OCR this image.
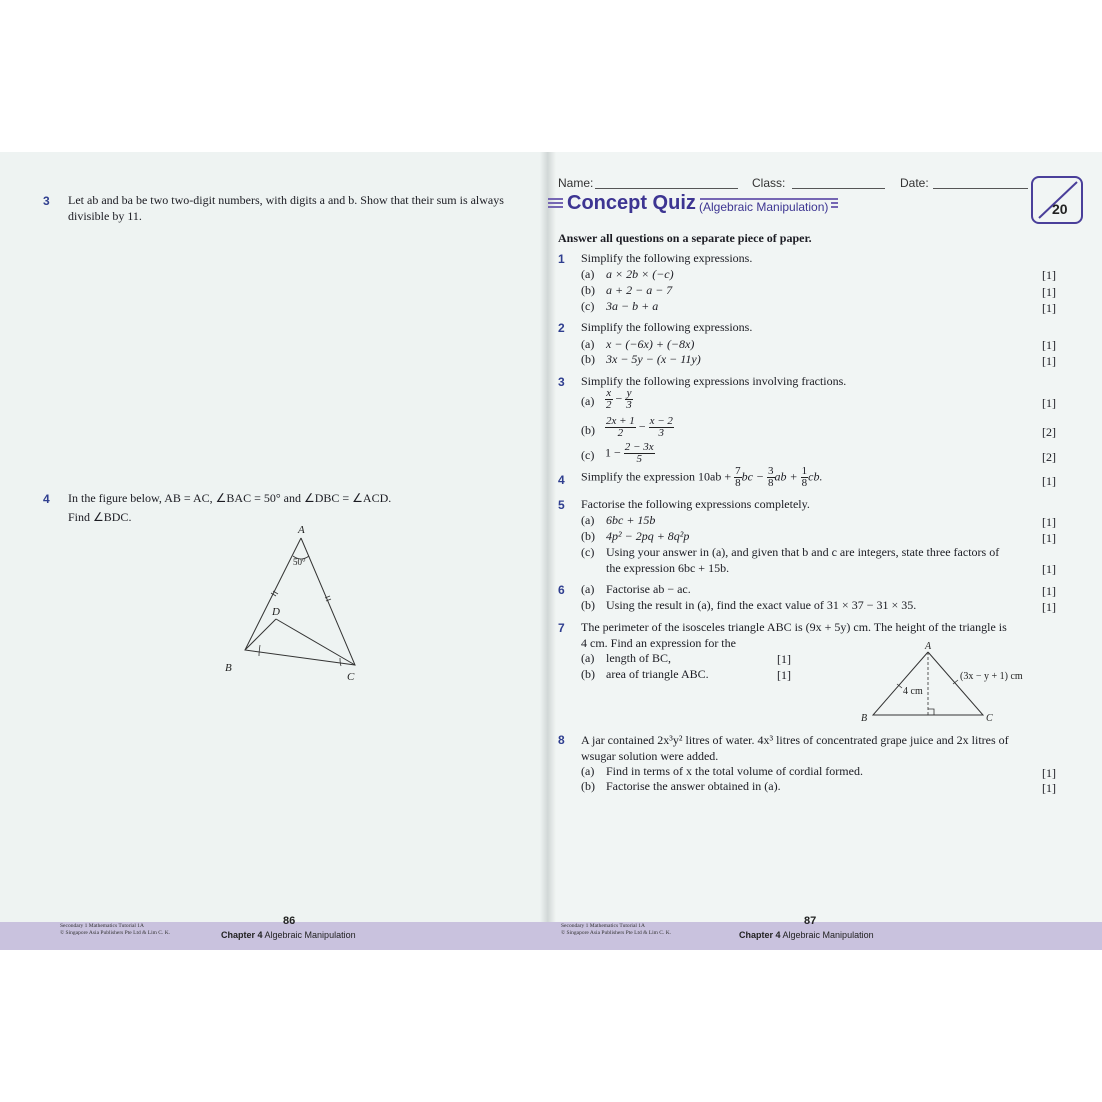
3 Let ab and ba be two two-digit numbers, with digits a and b. Show that their sum is always
divisible by 11.
4 In the figure below, AB = AC, ∠BAC = 50° and ∠DBC = ∠ACD.
Find ∠BDC.
A
50°
D
B
C
Secondary 1 Mathematics Tutorial 1A
© Singapore Asia Publishers Pte Ltd & Lim C. K.
86
Chapter 4 Algebraic Manipulation
Name:	Class:	Date:
Concept Quiz (Algebraic Manipulation)	20
Answer all questions on a separate piece of paper.
1 Simplify the following expressions.
(a) a × 2b × (−c)	[1]
(b) a + 2 − a − 7	[1]
(c) 3a − b + a	[1]
2 Simplify the following expressions.
(a) x − (−6x) + (−8x)	[1]
(b) 3x − 5y − (x − 11y)	[1]
3 Simplify the following expressions involving fractions.
$(a) \frac{x}{2} - \frac{y}{3}$	[1]
$(b) \frac{2x + 1}{2} - \frac{x - 2}{3}$	[2]
(c) $1 - \frac{2 - 3x}{5}$	[2]
4 Simplify the expression $10ab + \frac{7}{8}$ bc − $\frac{3}{8}$ ab + $\frac{1}{8}$ cb.	[1]
5 Factorise the following expressions completely.
(a) 6bc + 15b	[1]
(b) 4p² − 2pq + 8q²p	[1]
(c) Using your answer in (a), and given that b and c are integers, state three factors of
the expression 6bc + 15b.	[1]
6 (a) Factorise ab − ac.	[1]
(b) Using the result in (a), find the exact value of 31 × 37 − 31 × 35.	[1]
7 The perimeter of the isosceles triangle ABC is (9x + 5y) cm. The height of the triangle is
4 cm. Find an expression for the
(a) length of BC,	[1]
(b) area of triangle ABC.	[1]
A
B	C
(3x − y + 1) cm
4 cm
8 A jar contained 2x³y² litres of water. 4x³ litres of concentrated grape juice and 2x litres of
wsugar solution were added.
(a) Find in terms of x the total volume of cordial formed.	[1]
(b) Factorise the answer obtained in (a).	[1]
Secondary 1 Mathematics Tutorial 1A
© Singapore Asia Publishers Pte Ltd & Lim C. K.
87
Chapter 4 Algebraic Manipulation
